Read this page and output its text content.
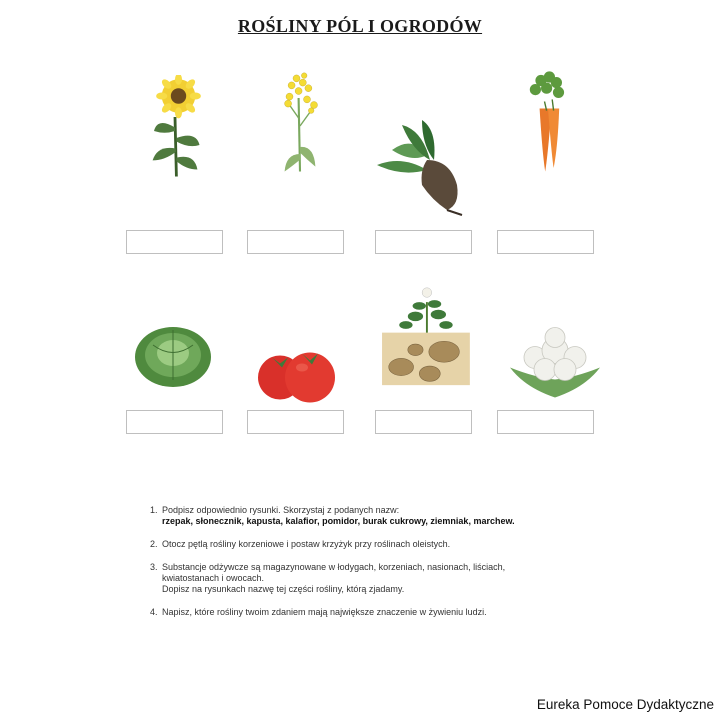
ROŚLINY PÓL I OGRODÓW
1. Podpisz odpowiednio rysunki. Skorzystaj z podanych nazw:
rzepak, słonecznik, kapusta, kalafior, pomidor, burak cukrowy, ziemniak, marchew.
2. Otocz pętlą rośliny korzeniowe i postaw krzyżyk przy roślinach oleistych.
3. Substancje odżywcze są magazynowane w łodygach, korzeniach, nasionach, liściach,
kwiatostanach i owocach.
Dopisz na rysunkach nazwę tej części rośliny, którą zjadamy.
4. Napisz, które rośliny twoim zdaniem mają największe znaczenie w żywieniu ludzi.
Eureka Pomoce Dydaktyczne
